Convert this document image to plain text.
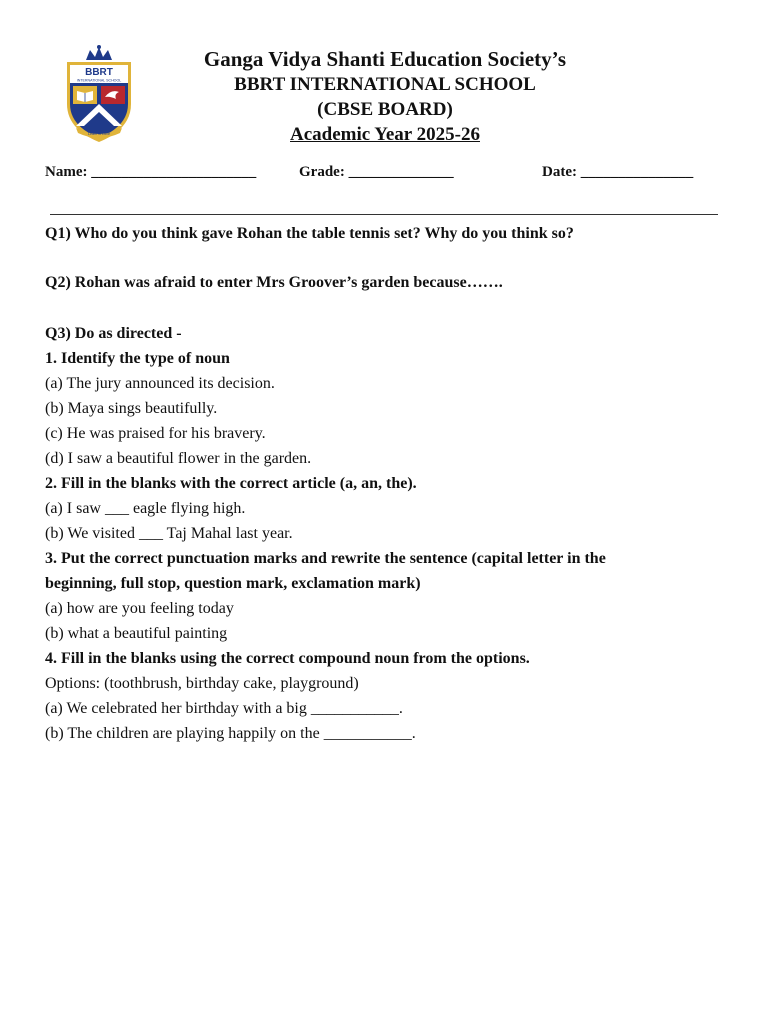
BBRT
INTERNATIONAL SCHOOL
Learn to Love
Ganga Vidya Shanti Education Society’s
BBRT INTERNATIONAL SCHOOL
(CBSE BOARD)
Academic Year 2025-26
Name: ______________________	Grade: ______________	Date: _______________
Q1) Who do you think gave Rohan the table tennis set? Why do you think so?
Q2) Rohan was afraid to enter Mrs Groover’s garden because…….
Q3) Do as directed -
1. Identify the type of noun
(a) The jury announced its decision.
(b) Maya sings beautifully.
(c) He was praised for his bravery.
(d) I saw a beautiful flower in the garden.
2. Fill in the blanks with the correct article (a, an, the).
(a) I saw ___ eagle flying high.
(b) We visited ___ Taj Mahal last year.
3. Put the correct punctuation marks and rewrite the sentence (capital letter in the
beginning, full stop, question mark, exclamation mark)
(a) how are you feeling today
(b) what a beautiful painting
4. Fill in the blanks using the correct compound noun from the options.
Options: (toothbrush, birthday cake, playground)
(a) We celebrated her birthday with a big ___________.
(b) The children are playing happily on the ___________.
